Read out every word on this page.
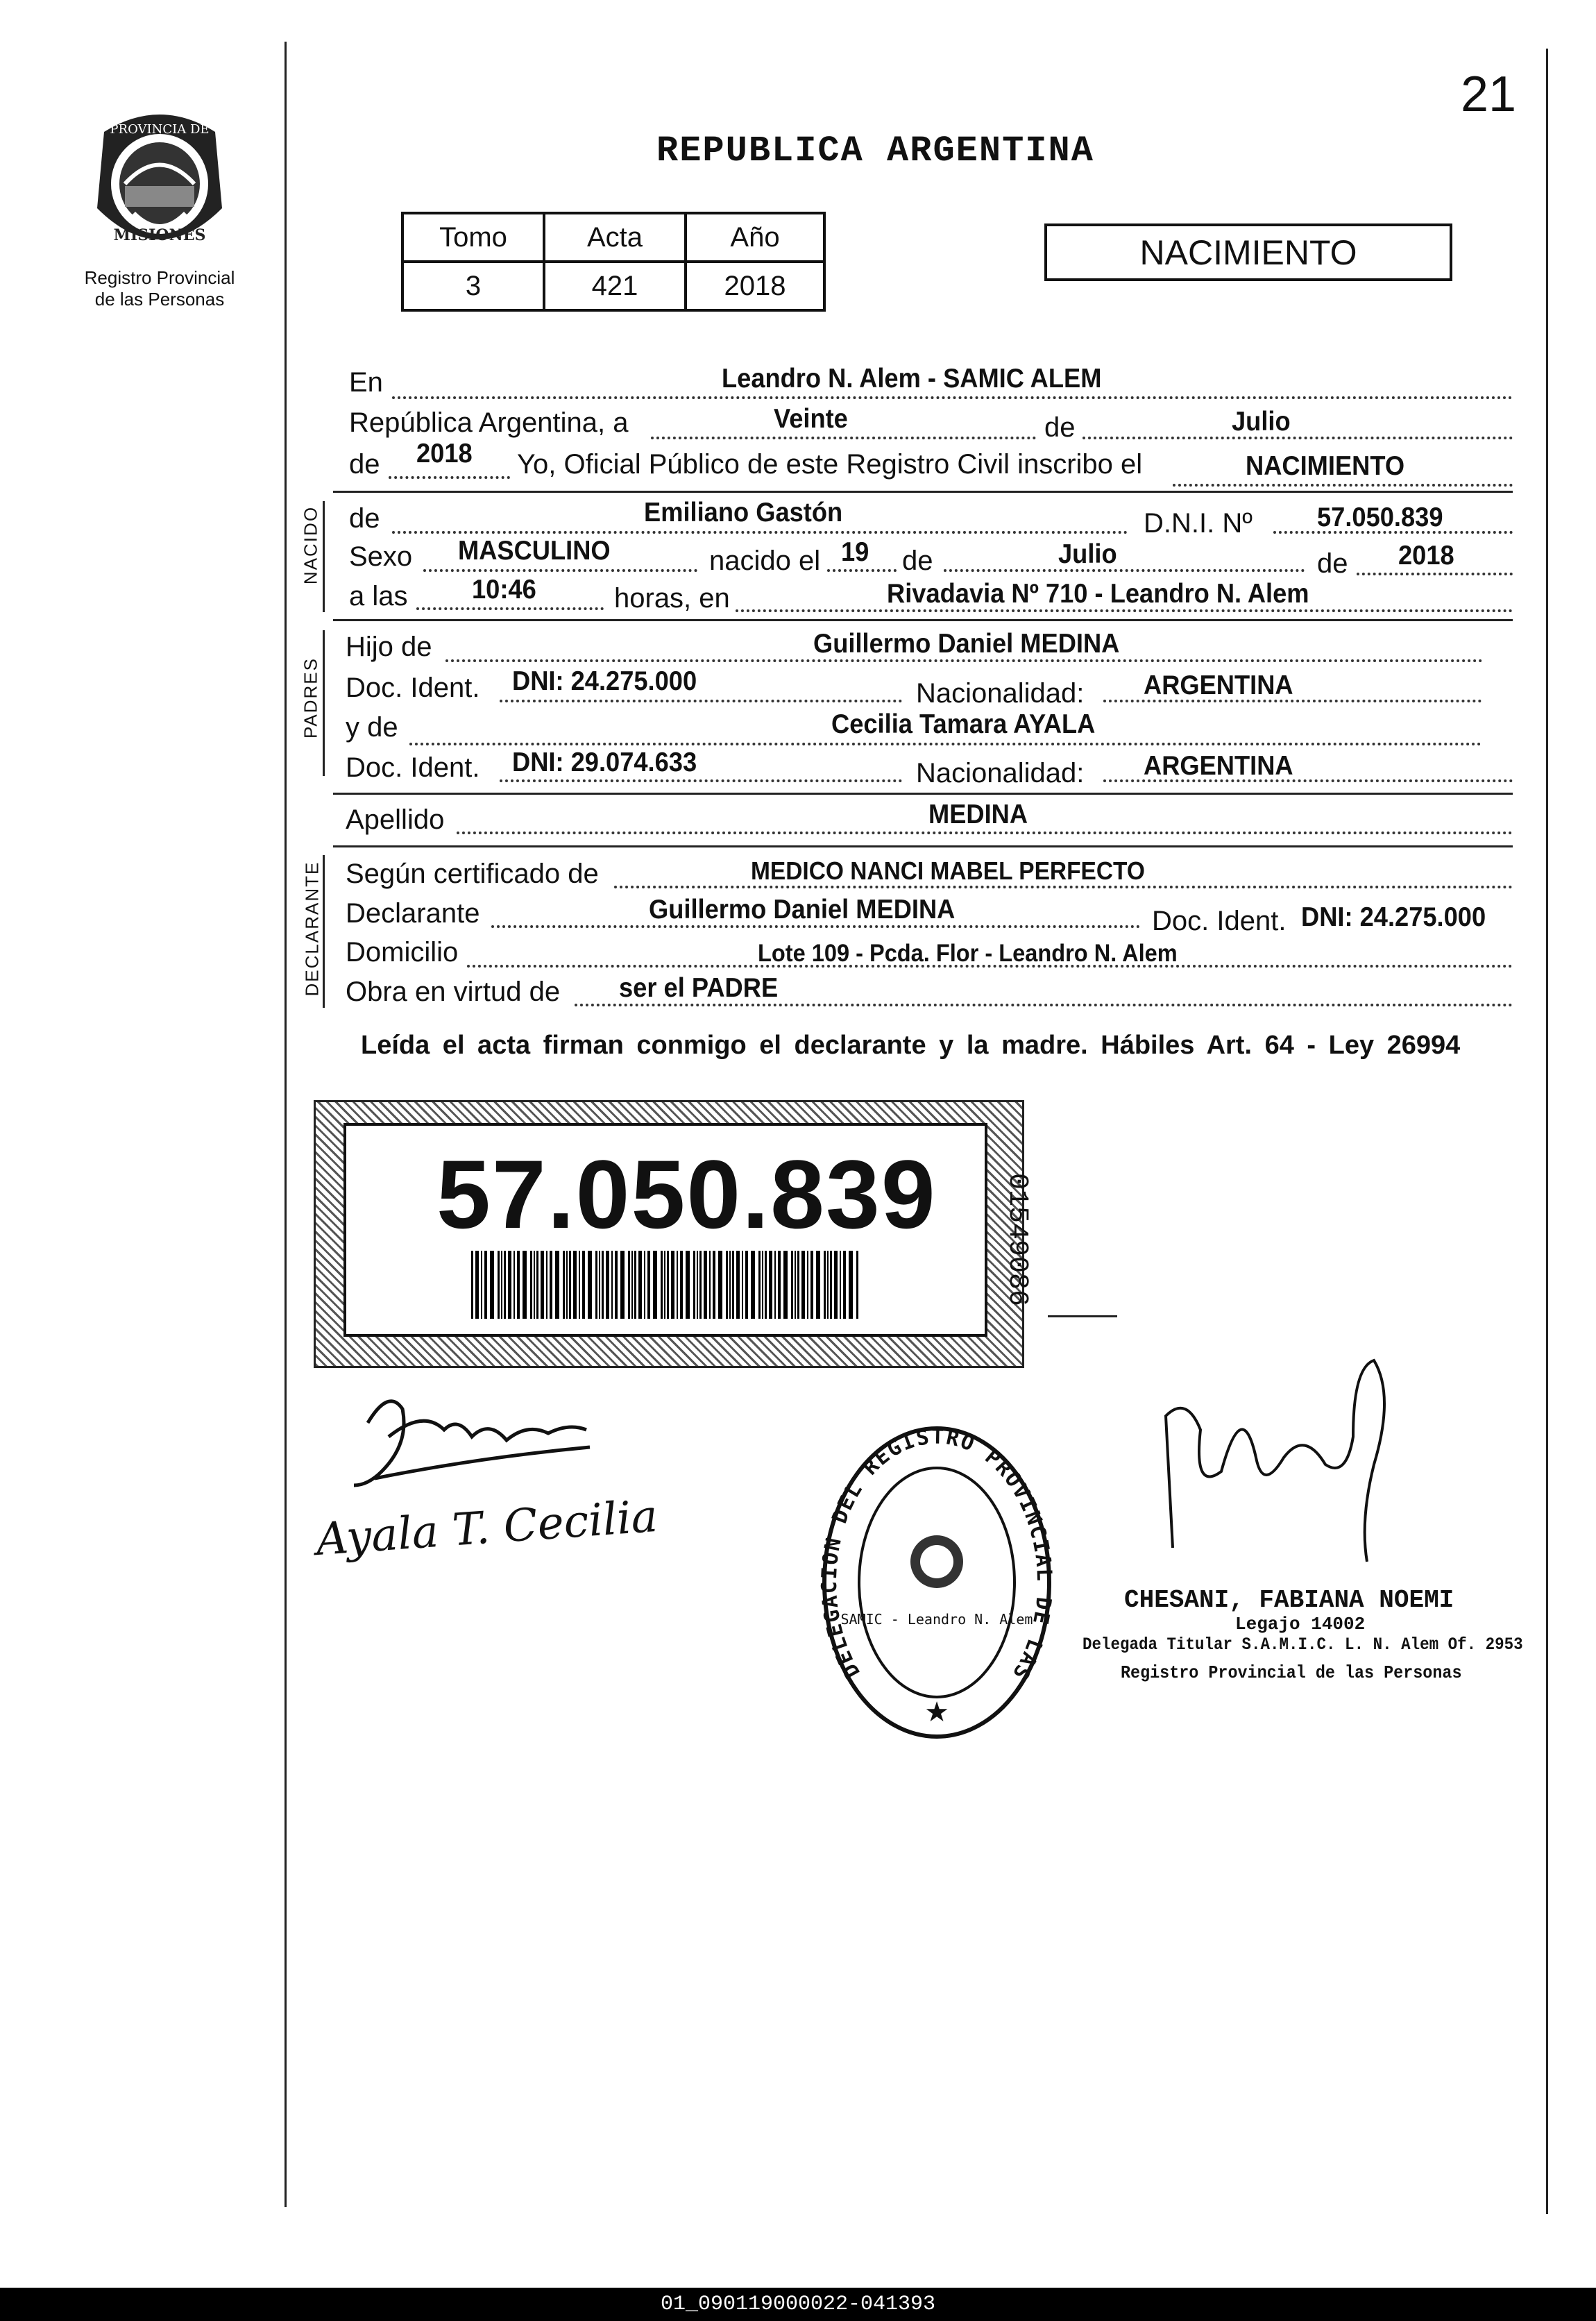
21
PROVINCIA DE
MISIONES
Registro Provincial
de las Personas
REPUBLICA ARGENTINA
Tomo	Acta	Año
3	421	2018
NACIMIENTO
En	Leandro N. Alem - SAMIC ALEM
República Argentina, a	Veinte	de	Julio
de 2018 Yo, Oficial Público de este Registro Civil inscribo el	NACIMIENTO
NACIDO de	Emiliano Gastón	D.N.I. Nº 57.050.839
Sexo MASCULINO	nacido el 19 de	Julio	de 2018
a las 10:46	horas, en	Rivadavia Nº 710 - Leandro N. Alem
PADRES
Hijo de	Guillermo Daniel MEDINA
Doc. Ident. DNI: 24.275.000	Nacionalidad: ARGENTINA
y de	Cecilia Tamara AYALA
Doc. Ident. DNI: 29.074.633	Nacionalidad: ARGENTINA
Apellido	MEDINA
DECLARANTE Según certificado de	MEDICO NANCI MABEL PERFECTO
Declarante	Guillermo Daniel MEDINA	Doc. Ident. DNI: 24.275.000
Domicilio	Lote 109 - Pcda. Flor - Leandro N. Alem
Obra en virtud de ser el PADRE
Leída el acta firman conmigo el declarante y la madre. Hábiles Art. 64 - Ley 26994
57.050.839 01549086
Ayala T. Cecilia
DELEGACION DEL REGISTRO PROVINCIAL DE LAS
SAMIC - Leandro N. Alem
★
CHESANI, FABIANA NOEMI
Legajo 14002
Delegada Titular S.A.M.I.C. L. N. Alem Of. 2953
Registro Provincial de las Personas
01_090119000022-041393
